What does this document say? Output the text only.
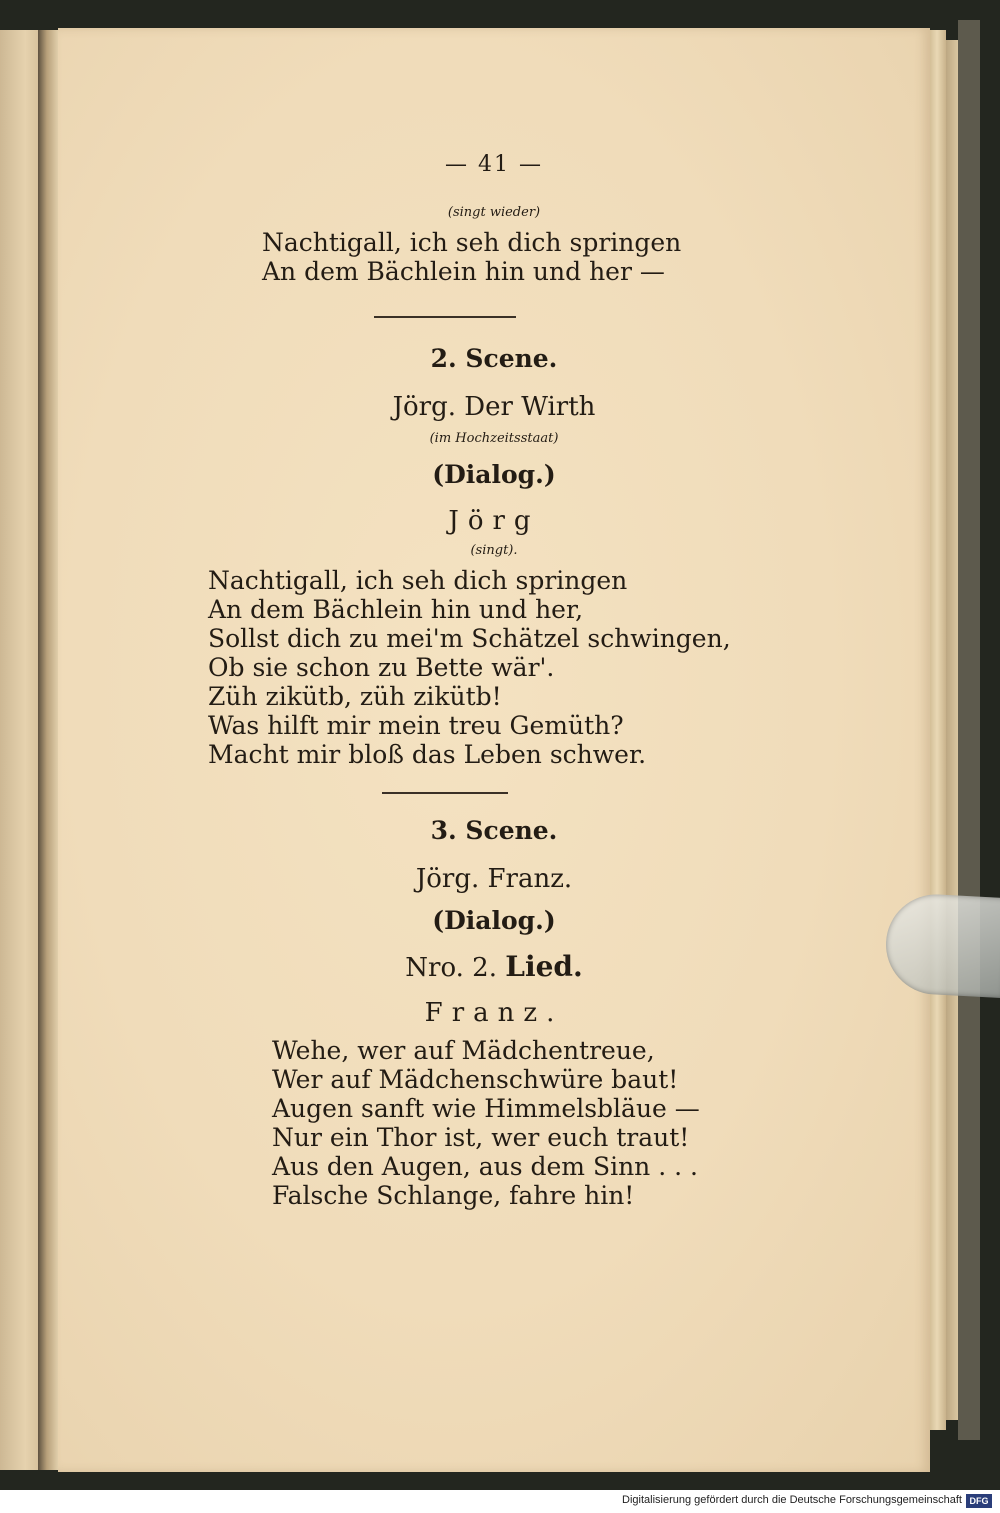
— 41 —
(singt wieder)
Nachtigall, ich seh dich springen
An dem Bächlein hin und her —
2. Scene.
Jörg. Der Wirth
(im Hochzeitsstaat)
(Dialog.)
Jörg
(singt).
Nachtigall, ich seh dich springen
An dem Bächlein hin und her,
Sollst dich zu mei'm Schätzel schwingen,
Ob sie schon zu Bette wär'.
Züh zikütb, züh zikütb!
Was hilft mir mein treu Gemüth?
Macht mir bloß das Leben schwer.
3. Scene.
Jörg. Franz.
(Dialog.)
Nro. 2. Lied.
Franz.
Wehe, wer auf Mädchentreue,
Wer auf Mädchenschwüre baut!
Augen sanft wie Himmelsbläue —
Nur ein Thor ist, wer euch traut!
Aus den Augen, aus dem Sinn . . .
Falsche Schlange, fahre hin!
Digitalisierung gefördert durch die Deutsche Forschungsgemeinschaft DFG
